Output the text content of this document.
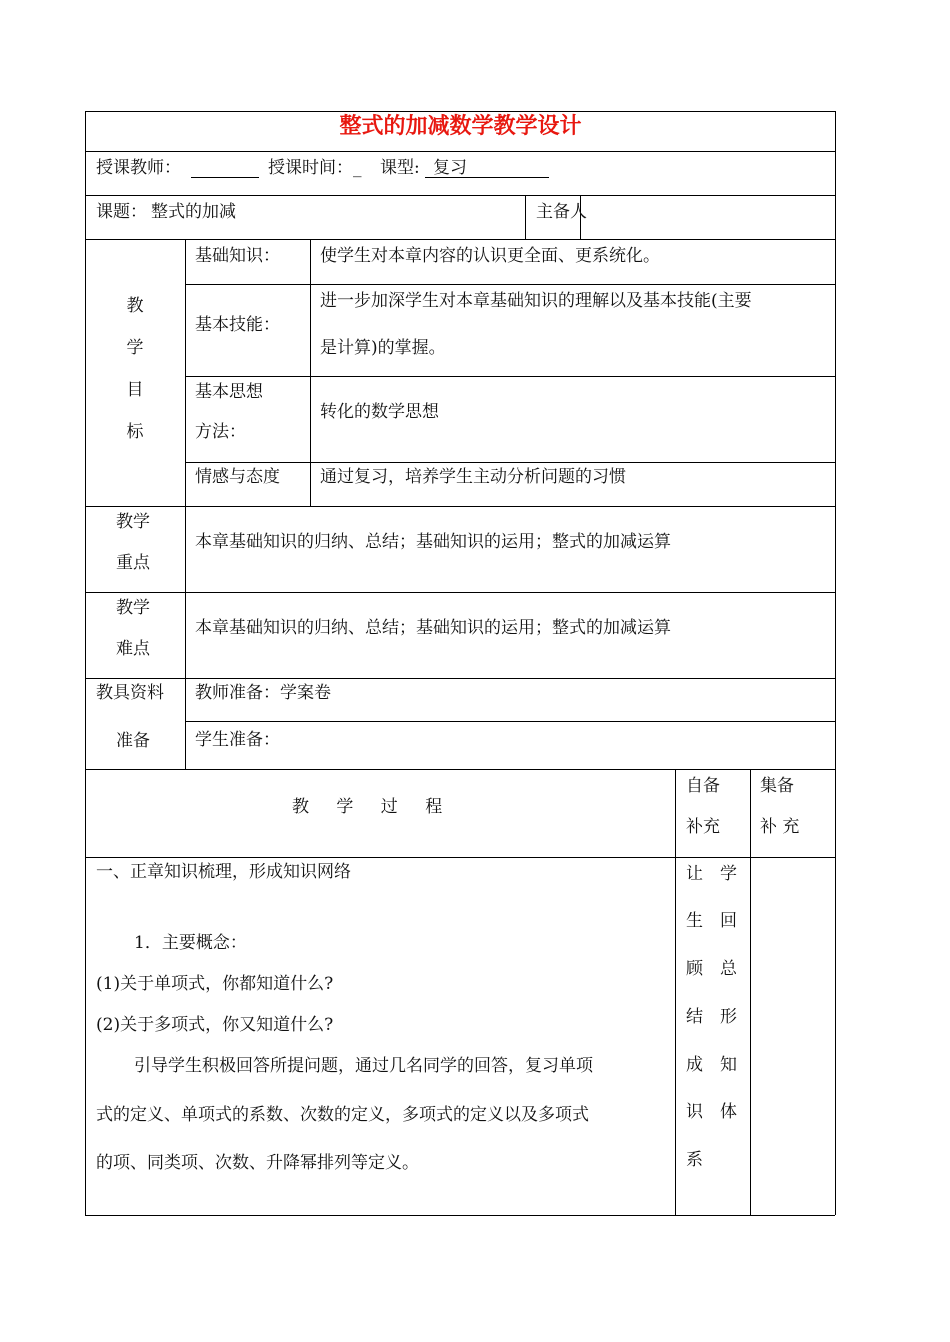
整式的加减数学教学设计
授课教师：	授课时间：_ 课型: 复习
课题： 整式的加减	主备人
教
学
目
标
基础知识： 使学生对本章内容的认识更全面、更系统化。
基本技能：
进一步加深学生对本章基础知识的理解以及基本技能(主要
是计算)的掌握。
基本思想
方法：
转化的数学思想
情感与态度 通过复习，培养学生主动分析问题的习惯
教学
重点
本章基础知识的归纳、总结；基础知识的运用；整式的加减运算
教学
难点
本章基础知识的归纳、总结；基础知识的运用；整式的加减运算
教具资料
准备
教师准备：学案卷
学生准备：
教 学 过 程
自备
补充
集备
补 充
一、正章知识梳理，形成知识网络
1．主要概念：
(1)关于单项式，你都知道什么?
(2)关于多项式，你又知道什么?
引导学生积极回答所提问题，通过几名同学的回答，复习单项
式的定义、单项式的系数、次数的定义，多项式的定义以及多项式
的项、同类项、次数、升降幂排列等定义。
让　学
生　回
顾　总
结　形
成　知
识　体
系
